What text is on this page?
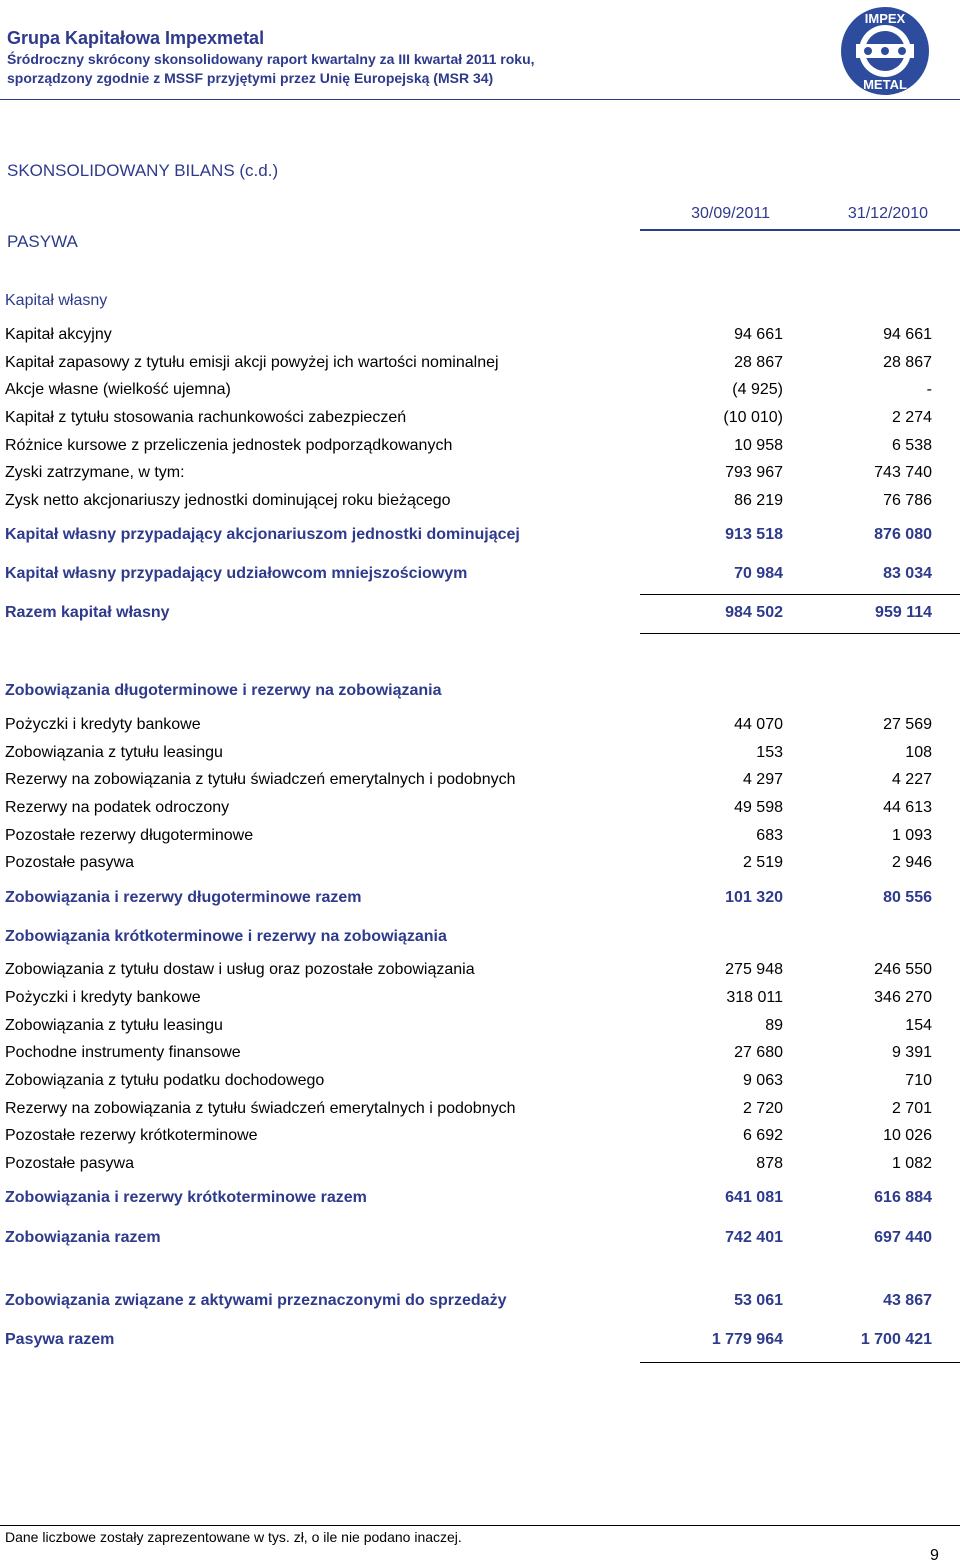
Grupa Kapitałowa Impexmetal
Śródroczny skrócony skonsolidowany raport kwartalny za III kwartał 2011 roku,
sporządzony zgodnie z MSSF przyjętymi przez Unię Europejską (MSR 34)
IMPEX
METAL
SKONSOLIDOWANY BILANS (c.d.)
PASYWA
30/09/2011	31/12/2010
Kapitał własny
Kapitał akcyjny	94 661	94 661
Kapitał zapasowy z tytułu emisji akcji powyżej ich wartości nominalnej	28 867	28 867
Akcje własne (wielkość ujemna)	(4 925)	-
Kapitał z tytułu stosowania rachunkowości zabezpieczeń	(10 010)	2 274
Różnice kursowe z przeliczenia jednostek podporządkowanych	10 958	6 538
Zyski zatrzymane, w tym:	793 967	743 740
Zysk netto akcjonariuszy jednostki dominującej roku bieżącego	86 219	76 786
Kapitał własny przypadający akcjonariuszom jednostki dominującej	913 518	876 080
Kapitał własny przypadający udziałowcom mniejszościowym	70 984	83 034
Razem kapitał własny	984 502	959 114
Zobowiązania długoterminowe i rezerwy na zobowiązania
Pożyczki i kredyty bankowe	44 070	27 569
Zobowiązania z tytułu leasingu	153	108
Rezerwy na zobowiązania z tytułu świadczeń emerytalnych i podobnych	4 297	4 227
Rezerwy na podatek odroczony	49 598	44 613
Pozostałe rezerwy długoterminowe	683	1 093
Pozostałe pasywa	2 519	2 946
Zobowiązania i rezerwy długoterminowe razem	101 320	80 556
Zobowiązania krótkoterminowe i rezerwy na zobowiązania
Zobowiązania z tytułu dostaw i usług oraz pozostałe zobowiązania	275 948	246 550
Pożyczki i kredyty bankowe	318 011	346 270
Zobowiązania z tytułu leasingu	89	154
Pochodne instrumenty finansowe	27 680	9 391
Zobowiązania z tytułu podatku dochodowego	9 063	710
Rezerwy na zobowiązania z tytułu świadczeń emerytalnych i podobnych	2 720	2 701
Pozostałe rezerwy krótkoterminowe	6 692	10 026
Pozostałe pasywa	878	1 082
Zobowiązania i rezerwy krótkoterminowe razem	641 081	616 884
Zobowiązania razem	742 401	697 440
Zobowiązania związane z aktywami przeznaczonymi do sprzedaży	53 061	43 867
Pasywa razem	1 779 964	1 700 421
Dane liczbowe zostały zaprezentowane w tys. zł, o ile nie podano inaczej.
9
